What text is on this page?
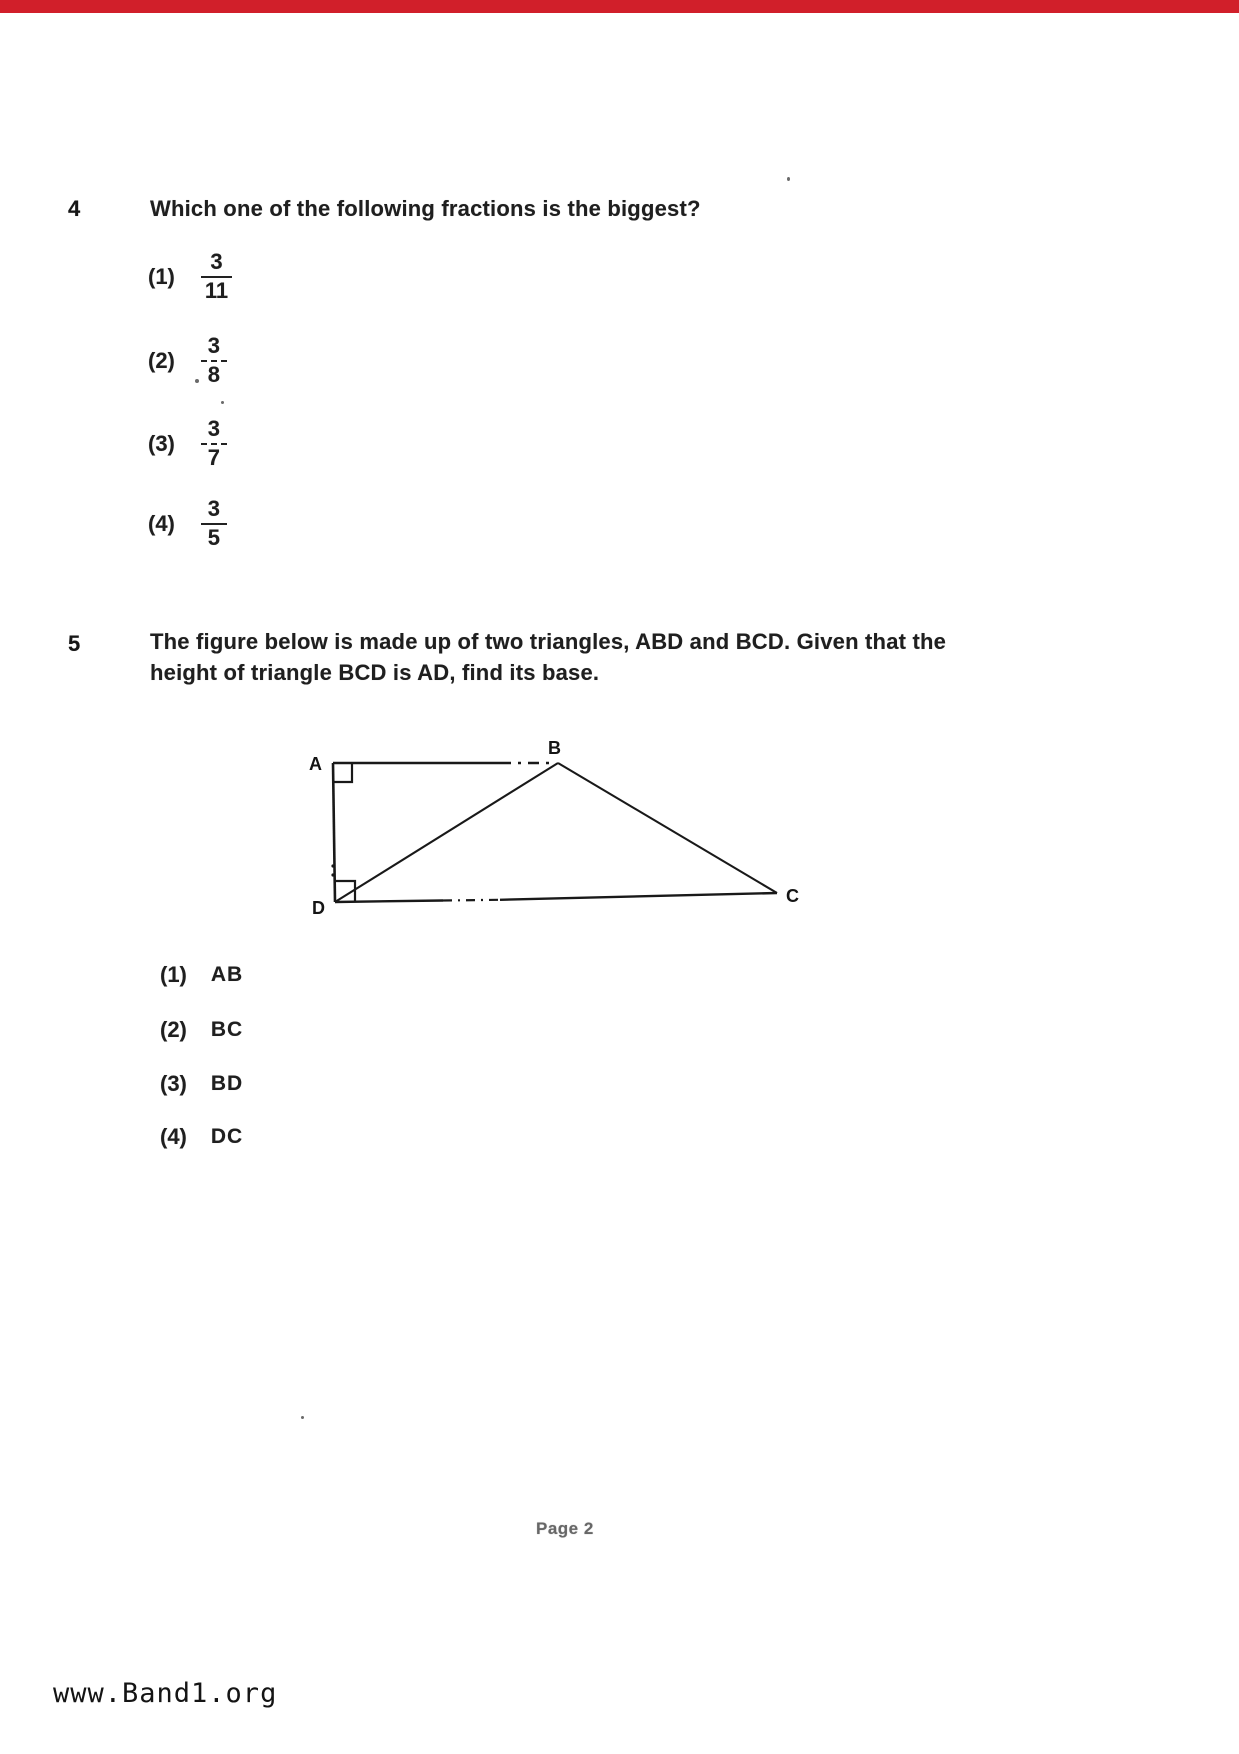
4	Which one of the following fractions is the biggest?
$(1) \frac{3}{11}$
$(2) \frac{3}{8}$
$(3) \frac{3}{7}$
$(4) \frac{3}{5}$
5	The figure below is made up of two triangles, ABD and BCD. Given that the
height of triangle BCD is AD, find its base.
A
B
C
D
(1) AB
(2) BC
(3) BD
(4) DC
Page 2
www.Band1.org
